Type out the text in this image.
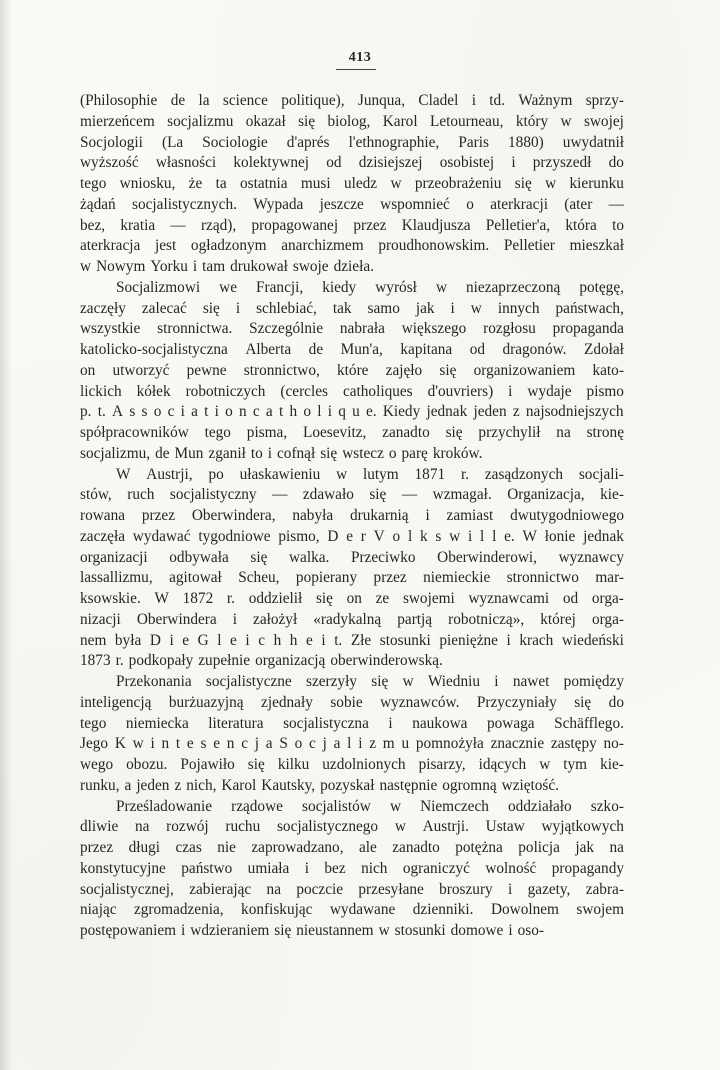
413
(Philosophie de la science politique), Junqua, Cladel i td. Ważnym sprzy-
mierzeńcem socjalizmu okazał się biolog, Karol Letourneau, który w swojej
Socjologii (La Sociologie d'aprés l'ethnographie, Paris 1880) uwydatnił
wyższość własności kolektywnej od dzisiejszej osobistej i przyszedł do
tego wniosku, że ta ostatnia musi uledz w przeobrażeniu się w kierunku
żądań socjalistycznych. Wypada jeszcze wspomnieć o aterkracji (ater —
bez, kratia — rząd), propagowanej przez Klaudjusza Pelletier'a, która to
aterkracja jest ogładzonym anarchizmem proudhonowskim. Pelletier mieszkał
w Nowym Yorku i tam drukował swoje dzieła.
Socjalizmowi we Francji, kiedy wyrósł w niezaprzeczoną potęgę,
zaczęły zalecać się i schlebiać, tak samo jak i w innych państwach,
wszystkie stronnictwa. Szczególnie nabrała większego rozgłosu propaganda
katolicko-socjalistyczna Alberta de Mun'a, kapitana od dragonów. Zdołał
on utworzyć pewne stronnictwo, które zajęło się organizowaniem kato-
lickich kółek robotniczych (cercles catholiques d'ouvriers) i wydaje pismo
p. t. A s s o c i a t i o n c a t h o l i q u e. Kiedy jednak jeden z najsodniejszych
spółpracowników tego pisma, Loesevitz, zanadto się przychylił na stronę
socjalizmu, de Mun zganił to i cofnął się wstecz o parę kroków.
W Austrji, po ułaskawieniu w lutym 1871 r. zasądzonych socjali-
stów, ruch socjalistyczny — zdawało się — wzmagał. Organizacja, kie-
rowana przez Oberwindera, nabyła drukarnią i zamiast dwutygodniowego
zaczęła wydawać tygodniowe pismo, D e r V o l k s w i l l e. W łonie jednak
organizacji odbywała się walka. Przeciwko Oberwinderowi, wyznawcy
lassallizmu, agitował Scheu, popierany przez niemieckie stronnictwo mar-
ksowskie. W 1872 r. oddzielił się on ze swojemi wyznawcami od orga-
nizacji Oberwindera i założył «radykalną partją robotniczą», której orga-
nem była D i e G l e i c h h e i t. Złe stosunki pieniężne i krach wiedeński
1873 r. podkopały zupełnie organizacją oberwinderowską.
Przekonania socjalistyczne szerzyły się w Wiedniu i nawet pomiędzy
inteligencją burżuazyjną zjednały sobie wyznawców. Przyczyniały się do
tego niemiecka literatura socjalistyczna i naukowa powaga Schäfflego.
Jego K w i n t e s e n c j a S o c j a l i z m u pomnożyła znacznie zastępy no-
wego obozu. Pojawiło się kilku uzdolnionych pisarzy, idących w tym kie-
runku, a jeden z nich, Karol Kautsky, pozyskał następnie ogromną wziętość.
Prześladowanie rządowe socjalistów w Niemczech oddziałało szko-
dliwie na rozwój ruchu socjalistycznego w Austrji. Ustaw wyjątkowych
przez długi czas nie zaprowadzano, ale zanadto potężna policja jak na
konstytucyjne państwo umiała i bez nich ograniczyć wolność propagandy
socjalistycznej, zabierając na poczcie przesyłane broszury i gazety, zabra-
niając zgromadzenia, konfiskując wydawane dzienniki. Dowolnem swojem
postępowaniem i wdzieraniem się nieustannem w stosunki domowe i oso-
